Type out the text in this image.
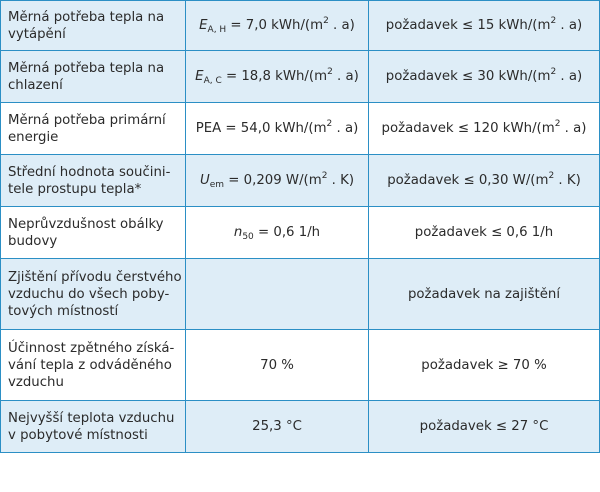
Měrná potřeba tepla na
vytápění	$E_{A, H} = 7,0$ kWh/($m^2$ . a)	požadavek ≤ 15 kWh/($m^2$ . a)

Měrná potřeba tepla na
chlazení	$E_{A, C} = 18,8$ kWh/($m^2$ . a)	požadavek ≤ 30 kWh/($m^2$ . a)

Měrná potřeba primární
energie	PEA = 54,0 kWh/($m^2$ . a)	požadavek ≤ 120 kWh/($m^2$ . a)

Střední hodnota součini-
tele prostupu tepla*	$U_{em} = 0,209$ $W/(m^2$ . K)	požadavek ≤ 0,30 $W/(m^2$ . K)

Neprůvzdušnost obálky
budovy	$n_{50} = 0,6$ 1/h	požadavek ≤ 0,6 1/h

Zjištění přívodu čerstvého
vzduchu do všech poby-
tových místností		požadavek na zajištění

Účinnost zpětného získá-
vání tepla z odváděného
vzduchu	70 %	požadavek ≥ 70 %

Nejvyšší teplota vzduchu
v pobytové místnosti	25,3 °C	požadavek ≤ 27 °C
